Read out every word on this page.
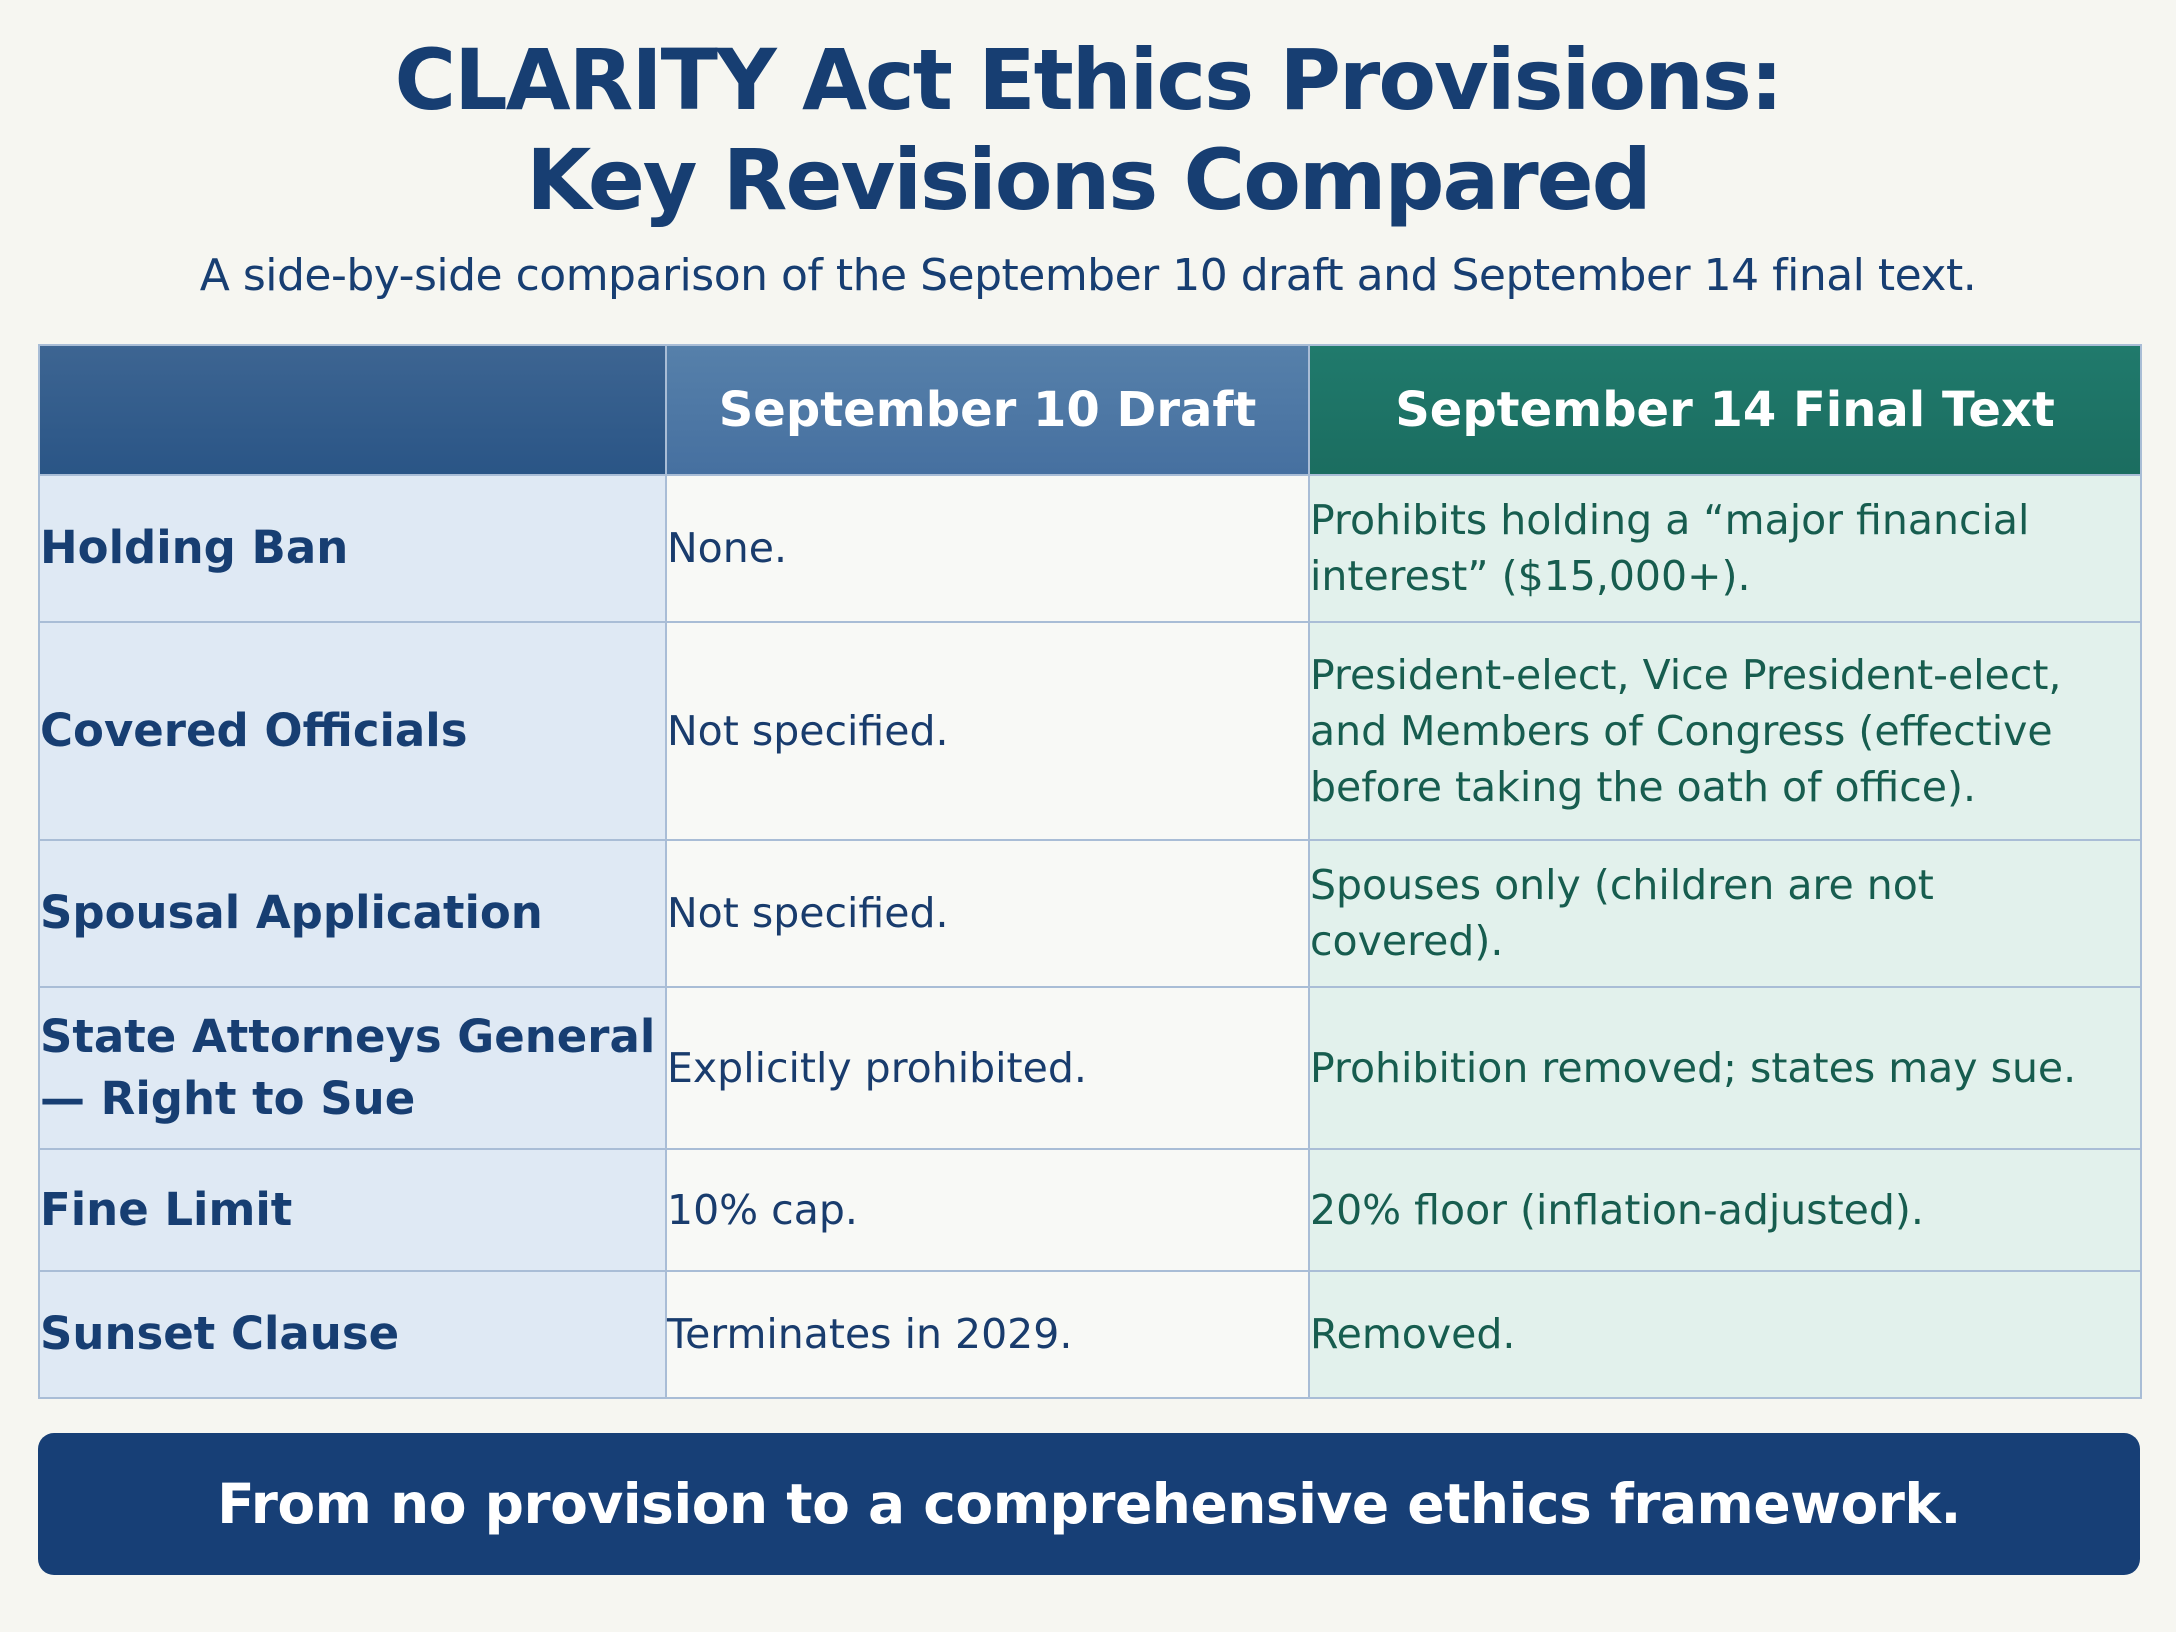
CLARITY Act Ethics Provisions:
Key Revisions Compared
A side-by-side comparison of the September 10 draft and September 14 final text.
	September 10 Draft	September 14 Final Text
Holding Ban	None.	Prohibits holding a “major financial interest” ($15,000+).
Covered Officials	Not specified.	President-elect, Vice President-elect, and Members of Congress (effective before taking the oath of office).
Spousal Application	Not specified.	Spouses only (children are not covered).
State Attorneys General — Right to Sue	Explicitly prohibited.	Prohibition removed; states may sue.
Fine Limit	10% cap.	20% floor (inflation-adjusted).
Sunset Clause	Terminates in 2029.	Removed.
From no provision to a comprehensive ethics framework.
